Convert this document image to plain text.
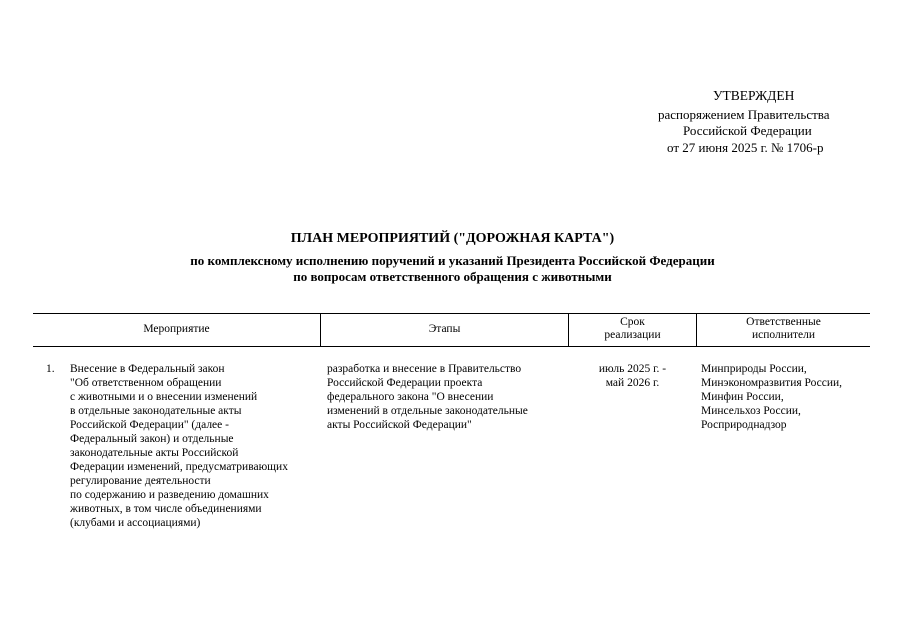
УТВЕРЖДЕН
распоряжением Правительства
Российской Федерации
от 27 июня 2025 г. № 1706-р
ПЛАН МЕРОПРИЯТИЙ ("ДОРОЖНАЯ КАРТА")
по комплексному исполнению поручений и указаний Президента Российской Федерации
по вопросам ответственного обращения с животными
Мероприятие	Этапы
Срок
реализации
Ответственные
исполнители
1. Внесение в Федеральный закон
"Об ответственном обращении
с животными и о внесении изменений
в отдельные законодательные акты
Российской Федерации" (далее -
Федеральный закон) и отдельные
законодательные акты Российской
Федерации изменений, предусматривающих
регулирование деятельности
по содержанию и разведению домашних
животных, в том числе объединениями
(клубами и ассоциациями)
разработка и внесение в Правительство
Российской Федерации проекта
федерального закона "О внесении
изменений в отдельные законодательные
акты Российской Федерации"
июль 2025 г. -
май 2026 г.
Минприроды России,
Минэкономразвития России,
Минфин России,
Минсельхоз России,
Росприроднадзор
